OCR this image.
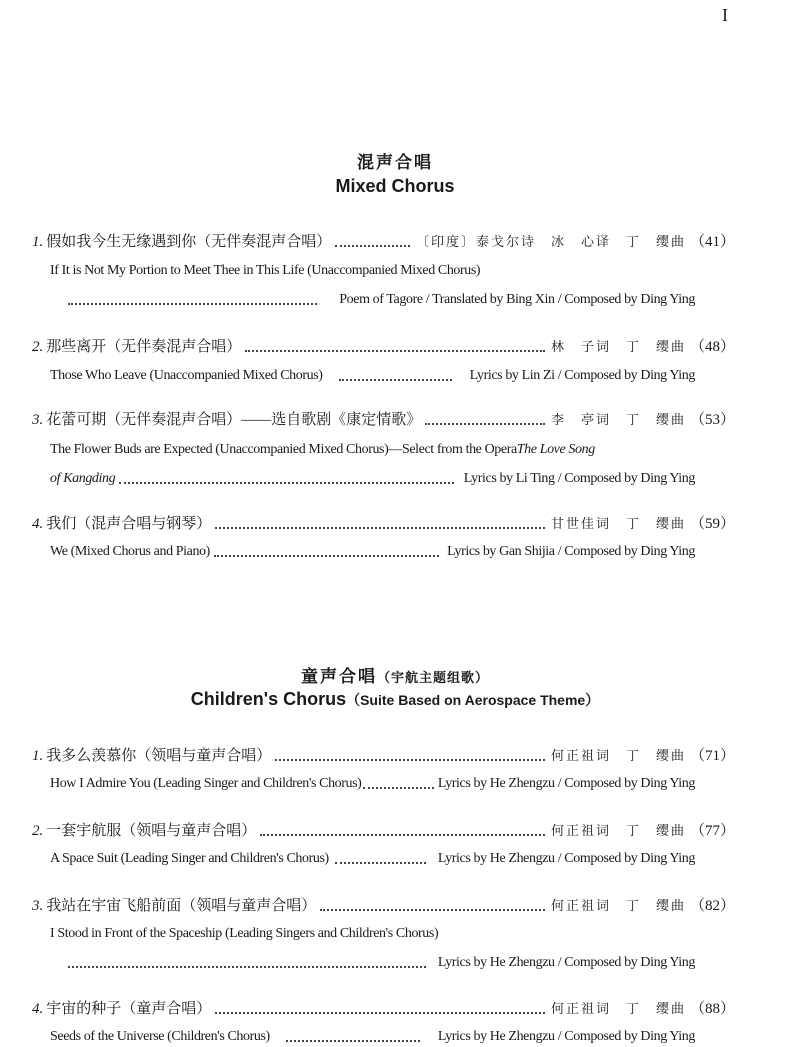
I
混声合唱
Mixed Chorus
1. 假如我今生无缘遇到你（无伴奏混声合唱）	〔印度〕泰戈尔诗　冰　心译　丁　缨曲 （41）
If It is Not My Portion to Meet Thee in This Life (Unaccompanied Mixed Chorus)
Poem of Tagore / Translated by Bing Xin / Composed by Ding Ying
2. 那些离开（无伴奏混声合唱）	林　子词　丁　缨曲 （48）
Those Who Leave (Unaccompanied Mixed Chorus)	Lyrics by Lin Zi / Composed by Ding Ying
3. 花蕾可期（无伴奏混声合唱）——选自歌剧《康定情歌》	李　亭词　丁　缨曲 （53）
The Flower Buds are Expected (Unaccompanied Mixed Chorus)—Select from the Opera The Love Song
of Kangding	Lyrics by Li Ting / Composed by Ding Ying
4. 我们（混声合唱与钢琴）	甘世佳词　丁　缨曲 （59）
We (Mixed Chorus and Piano)	Lyrics by Gan Shijia / Composed by Ding Ying
童声合唱（宇航主题组歌）
Children's Chorus（Suite Based on Aerospace Theme）
1. 我多么羡慕你（领唱与童声合唱）	何正祖词　丁　缨曲 （71）
How I Admire You (Leading Singer and Children's Chorus)	Lyrics by He Zhengzu / Composed by Ding Ying
2. 一套宇航服（领唱与童声合唱）	何正祖词　丁　缨曲 （77）
A Space Suit (Leading Singer and Children's Chorus)	Lyrics by He Zhengzu / Composed by Ding Ying
3. 我站在宇宙飞船前面（领唱与童声合唱）	何正祖词　丁　缨曲 （82）
I Stood in Front of the Spaceship (Leading Singers and Children's Chorus)
Lyrics by He Zhengzu / Composed by Ding Ying
4. 宇宙的种子（童声合唱）	何正祖词　丁　缨曲 （88）
Seeds of the Universe (Children's Chorus)	Lyrics by He Zhengzu / Composed by Ding Ying
